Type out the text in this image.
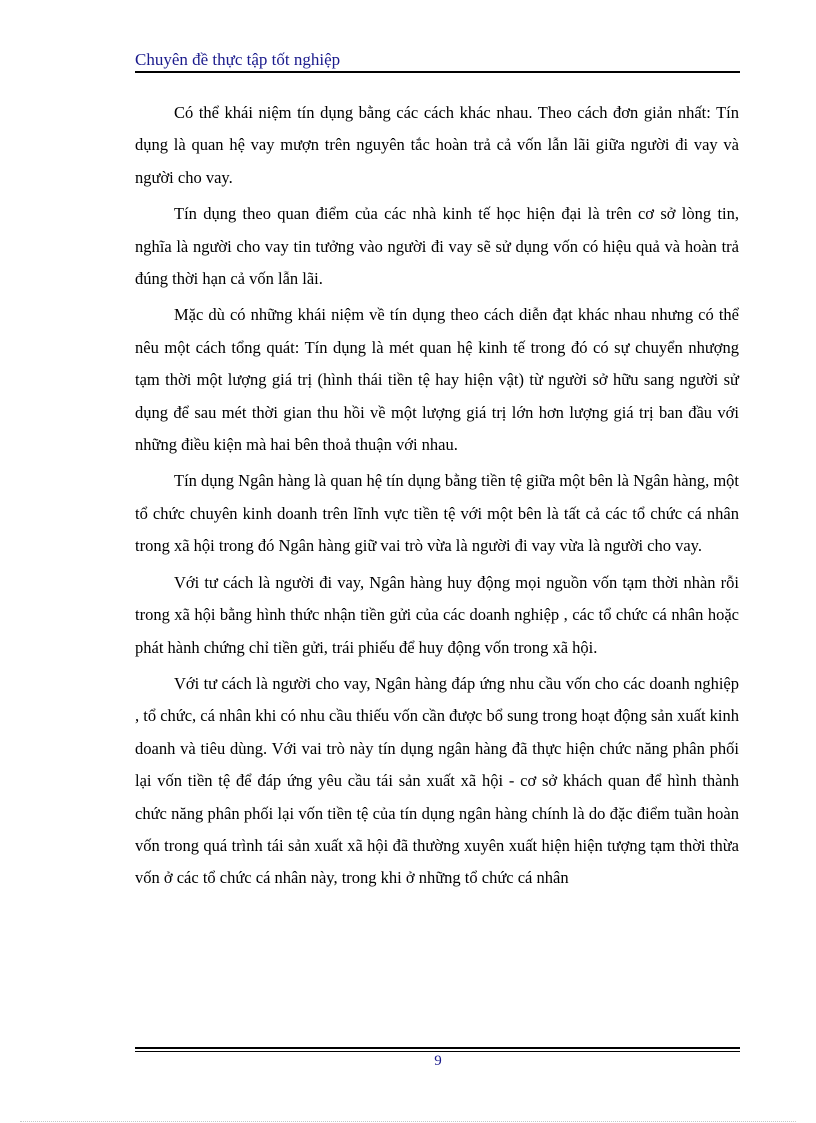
Chuyên đề thực tập tốt nghiệp

Có thể khái niệm tín dụng bằng các cách khác nhau. Theo cách đơn giản nhất: Tín dụng là quan hệ vay mượn trên nguyên tắc hoàn trả cả vốn lẫn lãi giữa người đi vay và người cho vay.

Tín dụng theo quan điểm của các nhà kinh tế học hiện đại là trên cơ sở lòng tin, nghĩa là người cho vay tin tưởng vào người đi vay sẽ sử dụng vốn có hiệu quả và hoàn trả đúng thời hạn cả vốn lẫn lãi.

Mặc dù có những khái niệm về tín dụng theo cách diễn đạt khác nhau nhưng có thể nêu một cách tổng quát: Tín dụng là mét quan hệ kinh tế trong đó có sự chuyển nhượng tạm thời một lượng giá trị (hình thái tiền tệ hay hiện vật) từ người sở hữu sang người sử dụng để sau mét thời gian thu hồi về một lượng giá trị lớn hơn lượng giá trị ban đầu với những điều kiện mà hai bên thoả thuận với nhau.

Tín dụng Ngân hàng là quan hệ tín dụng bằng tiền tệ giữa một bên là Ngân hàng, một tổ chức chuyên kinh doanh trên lĩnh vực tiền tệ với một bên là tất cả các tổ chức cá nhân trong xã hội trong đó Ngân hàng giữ vai trò vừa là người đi vay vừa là người cho vay.

Với tư cách là người đi vay, Ngân hàng huy động mọi nguồn vốn tạm thời nhàn rỗi trong xã hội bằng hình thức nhận tiền gửi của các doanh nghiệp , các tổ chức cá nhân hoặc phát hành chứng chỉ tiền gửi, trái phiếu để huy động vốn trong xã hội.

Với tư cách là người cho vay, Ngân hàng đáp ứng nhu cầu vốn cho các doanh nghiệp , tổ chức, cá nhân khi có nhu cầu thiếu vốn cần được bổ sung trong hoạt động sản xuất kinh doanh và tiêu dùng. Với vai trò này tín dụng ngân hàng đã thực hiện chức năng phân phối lại vốn tiền tệ để đáp ứng yêu cầu tái sản xuất xã hội - cơ sở khách quan để hình thành chức năng phân phối lại vốn tiền tệ của tín dụng ngân hàng chính là do đặc điểm tuần hoàn vốn trong quá trình tái sản xuất xã hội đã thường xuyên xuất hiện hiện tượng tạm thời thừa vốn ở các tổ chức cá nhân này, trong khi ở những tổ chức cá nhân

9
